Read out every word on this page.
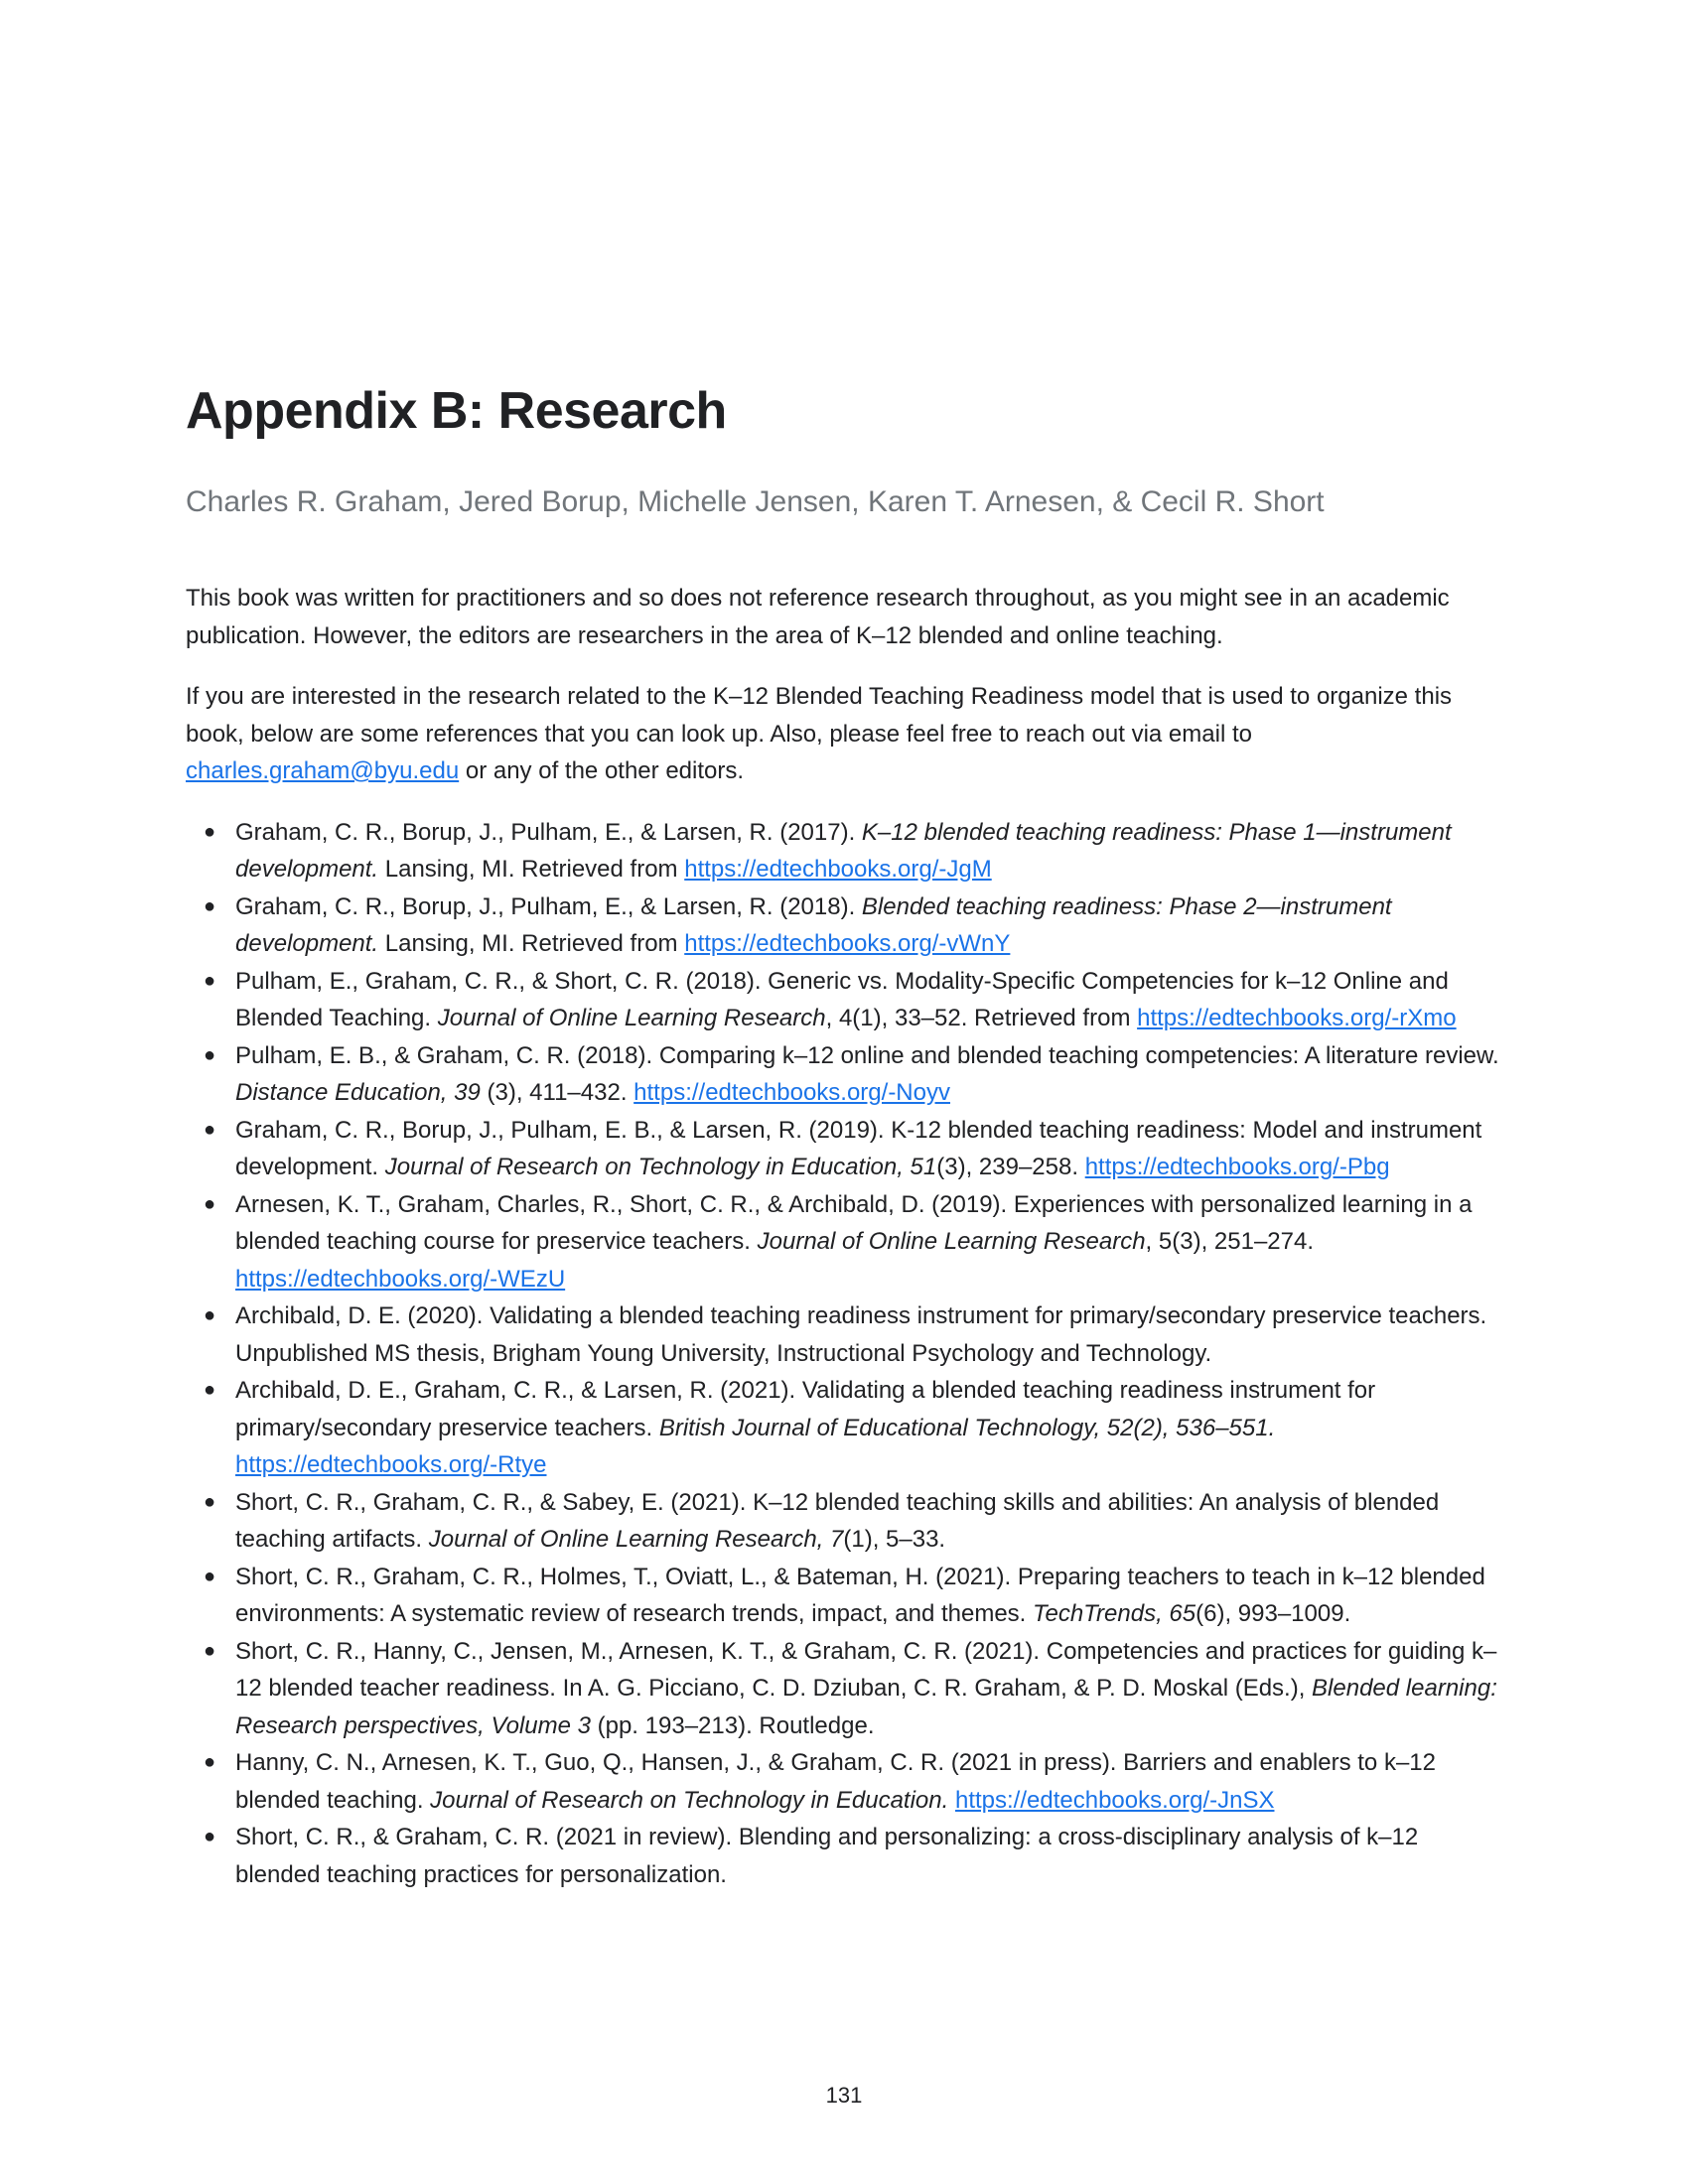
Appendix B: Research
Charles R. Graham, Jered Borup, Michelle Jensen, Karen T. Arnesen, & Cecil R. Short

This book was written for practitioners and so does not reference research throughout, as you might see in an academic publication. However, the editors are researchers in the area of K–12 blended and online teaching.

If you are interested in the research related to the K–12 Blended Teaching Readiness model that is used to organize this book, below are some references that you can look up. Also, please feel free to reach out via email to charles.graham@byu.edu or any of the other editors.

● Graham, C. R., Borup, J., Pulham, E., & Larsen, R. (2017). K–12 blended teaching readiness: Phase 1—instrument development. Lansing, MI. Retrieved from https://edtechbooks.org/-JgM
● Graham, C. R., Borup, J., Pulham, E., & Larsen, R. (2018). Blended teaching readiness: Phase 2—instrument development. Lansing, MI. Retrieved from https://edtechbooks.org/-vWnY
● Pulham, E., Graham, C. R., & Short, C. R. (2018). Generic vs. Modality-Specific Competencies for k–12 Online and Blended Teaching. Journal of Online Learning Research, 4(1), 33–52. Retrieved from https://edtechbooks.org/-rXmo
● Pulham, E. B., & Graham, C. R. (2018). Comparing k–12 online and blended teaching competencies: A literature review. Distance Education, 39 (3), 411–432. https://edtechbooks.org/-Noyv
● Graham, C. R., Borup, J., Pulham, E. B., & Larsen, R. (2019). K-12 blended teaching readiness: Model and instrument development. Journal of Research on Technology in Education, 51(3), 239–258. https://edtechbooks.org/-Pbg
● Arnesen, K. T., Graham, Charles, R., Short, C. R., & Archibald, D. (2019). Experiences with personalized learning in a blended teaching course for preservice teachers. Journal of Online Learning Research, 5(3), 251–274. https://edtechbooks.org/-WEzU
● Archibald, D. E. (2020). Validating a blended teaching readiness instrument for primary/secondary preservice teachers. Unpublished MS thesis, Brigham Young University, Instructional Psychology and Technology.
● Archibald, D. E., Graham, C. R., & Larsen, R. (2021). Validating a blended teaching readiness instrument for primary/secondary preservice teachers. British Journal of Educational Technology, 52(2), 536–551. https://edtechbooks.org/-Rtye
● Short, C. R., Graham, C. R., & Sabey, E. (2021). K–12 blended teaching skills and abilities: An analysis of blended teaching artifacts. Journal of Online Learning Research, 7(1), 5–33.
● Short, C. R., Graham, C. R., Holmes, T., Oviatt, L., & Bateman, H. (2021). Preparing teachers to teach in k–12 blended environments: A systematic review of research trends, impact, and themes. TechTrends, 65(6), 993–1009.
● Short, C. R., Hanny, C., Jensen, M., Arnesen, K. T., & Graham, C. R. (2021). Competencies and practices for guiding k–12 blended teacher readiness. In A. G. Picciano, C. D. Dziuban, C. R. Graham, & P. D. Moskal (Eds.), Blended learning: Research perspectives, Volume 3 (pp. 193–213). Routledge.
● Hanny, C. N., Arnesen, K. T., Guo, Q., Hansen, J., & Graham, C. R. (2021 in press). Barriers and enablers to k–12 blended teaching. Journal of Research on Technology in Education. https://edtechbooks.org/-JnSX
● Short, C. R., & Graham, C. R. (2021 in review). Blending and personalizing: a cross-disciplinary analysis of k–12 blended teaching practices for personalization.
131
